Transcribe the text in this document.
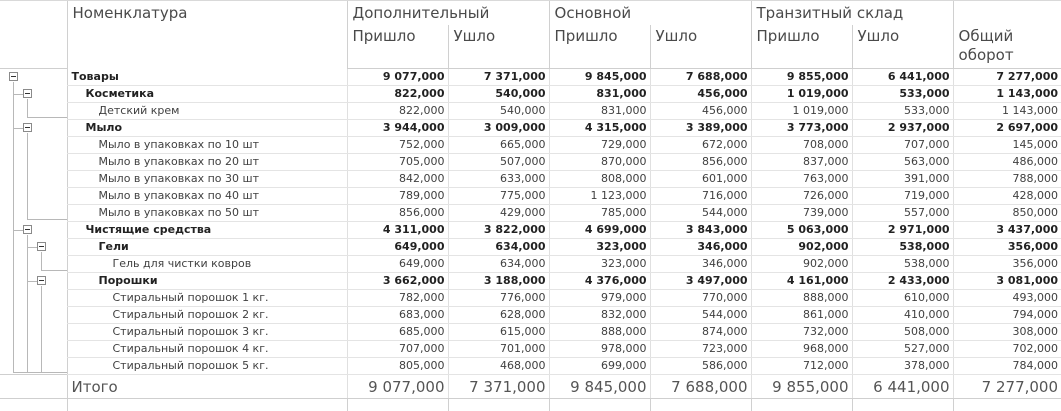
	Номенклатура	Дополнительный		Основной		Транзитный склад		
		Пришло	Ушло	Пришло	Ушло	Пришло	Ушло	Общий оборот
	Товары	9 077,000	7 371,000	9 845,000	7 688,000	9 855,000	6 441,000	7 277,000
	Косметика	822,000	540,000	831,000	456,000	1 019,000	533,000	1 143,000
	Детский крем	822,000	540,000	831,000	456,000	1 019,000	533,000	1 143,000
	Мыло	3 944,000	3 009,000	4 315,000	3 389,000	3 773,000	2 937,000	2 697,000
	Мыло в упаковках по 10 шт	752,000	665,000	729,000	672,000	708,000	707,000	145,000
	Мыло в упаковках по 20 шт	705,000	507,000	870,000	856,000	837,000	563,000	486,000
	Мыло в упаковках по 30 шт	842,000	633,000	808,000	601,000	763,000	391,000	788,000
	Мыло в упаковках по 40 шт	789,000	775,000	1 123,000	716,000	726,000	719,000	428,000
	Мыло в упаковках по 50 шт	856,000	429,000	785,000	544,000	739,000	557,000	850,000
	Чистящие средства	4 311,000	3 822,000	4 699,000	3 843,000	5 063,000	2 971,000	3 437,000
	Гели	649,000	634,000	323,000	346,000	902,000	538,000	356,000
	Гель для чистки ковров	649,000	634,000	323,000	346,000	902,000	538,000	356,000
	Порошки	3 662,000	3 188,000	4 376,000	3 497,000	4 161,000	2 433,000	3 081,000
	Стиральный порошок 1 кг.	782,000	776,000	979,000	770,000	888,000	610,000	493,000
	Стиральный порошок 2 кг.	683,000	628,000	832,000	544,000	861,000	410,000	794,000
	Стиральный порошок 3 кг.	685,000	615,000	888,000	874,000	732,000	508,000	308,000
	Стиральный порошок 4 кг.	707,000	701,000	978,000	723,000	968,000	527,000	702,000
	Стиральный порошок 5 кг.	805,000	468,000	699,000	586,000	712,000	378,000	784,000
	Итого	9 077,000	7 371,000	9 845,000	7 688,000	9 855,000	6 441,000	7 277,000
